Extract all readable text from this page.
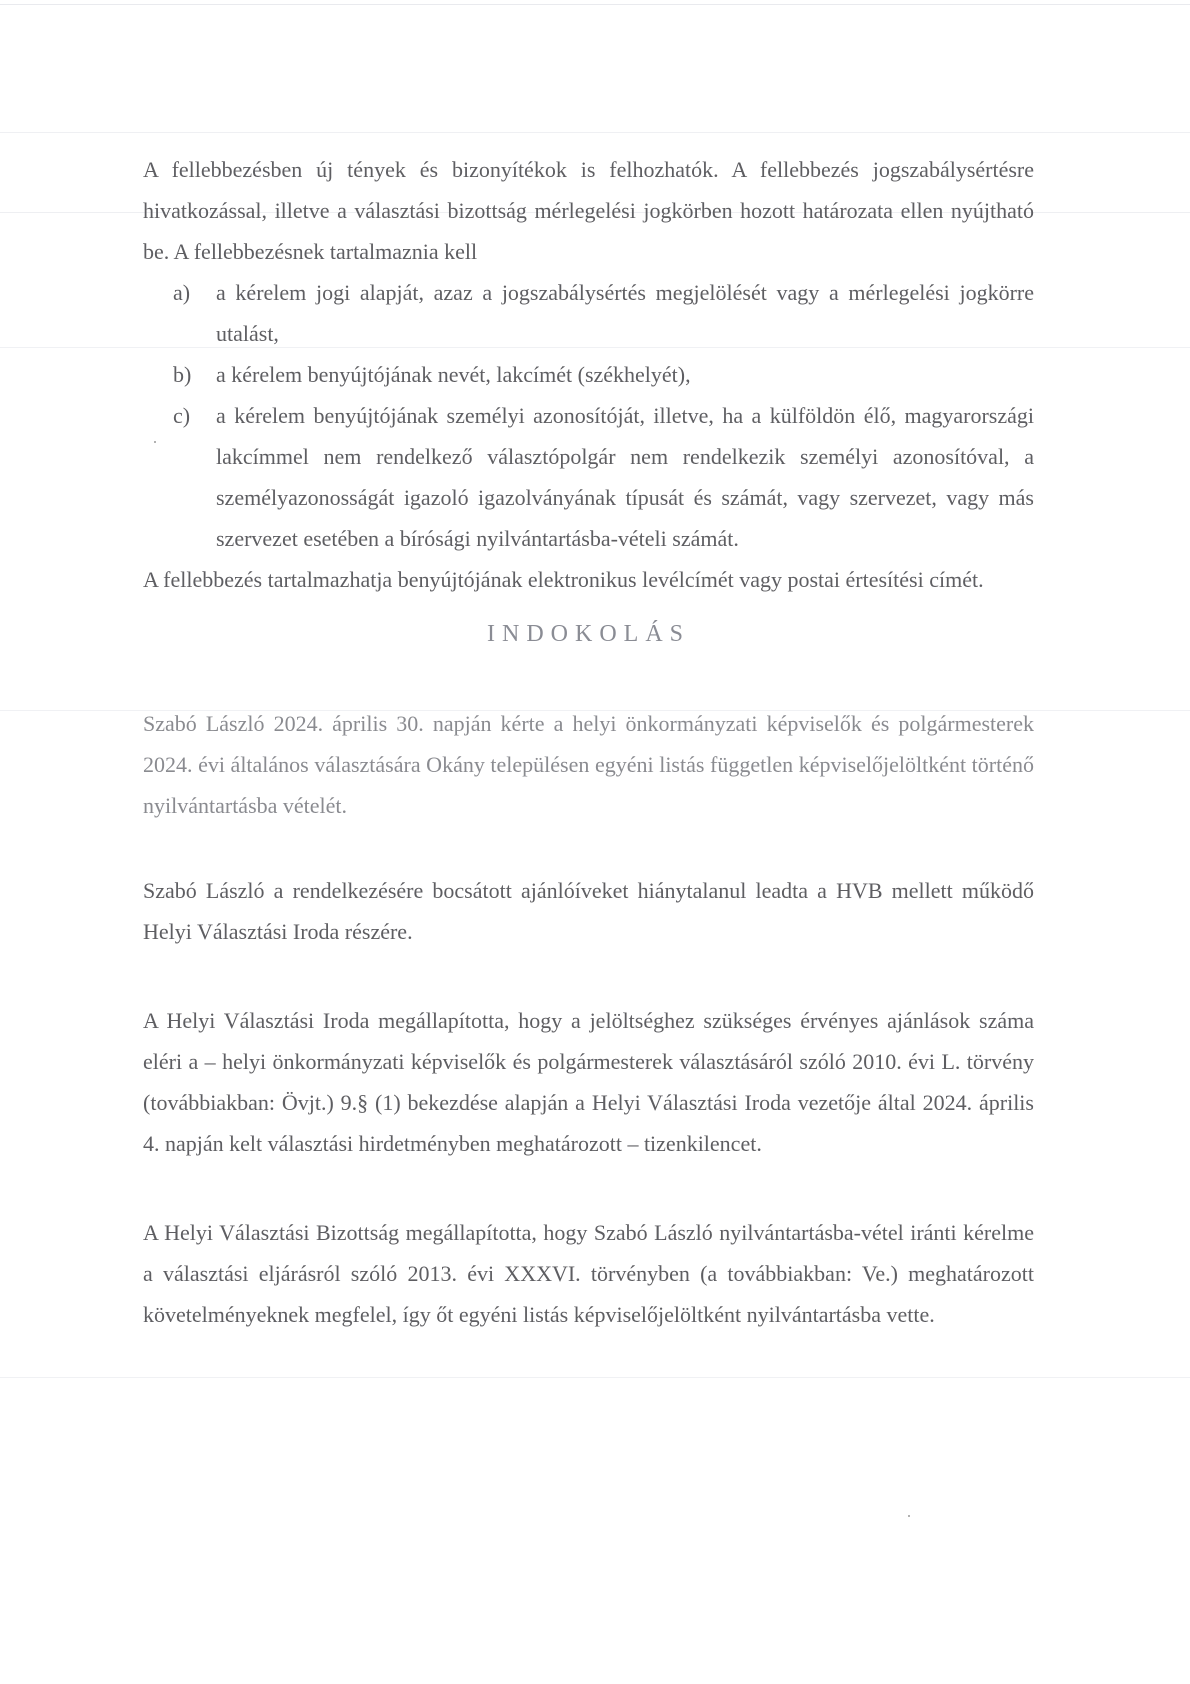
A fellebbezésben új tények és bizonyítékok is felhozhatók. A fellebbezés jogszabálysértésre hivatkozással, illetve a választási bizottság mérlegelési jogkörben hozott határozata ellen nyújtható be. A fellebbezésnek tartalmaznia kell

a) a kérelem jogi alapját, azaz a jogszabálysértés megjelölését vagy a mérlegelési jogkörre utalást,
b) a kérelem benyújtójának nevét, lakcímét (székhelyét),
c) a kérelem benyújtójának személyi azonosítóját, illetve, ha a külföldön élő, magyarországi lakcímmel nem rendelkező választópolgár nem rendelkezik személyi azonosítóval, a személyazonosságát igazoló igazolványának típusát és számát, vagy szervezet, vagy más szervezet esetében a bírósági nyilvántartásba-vételi számát.

A fellebbezés tartalmazhatja benyújtójának elektronikus levélcímét vagy postai értesítési címét.

INDOKOLÁS

Szabó László 2024. április 30. napján kérte a helyi önkormányzati képviselők és polgármesterek 2024. évi általános választására Okány településen egyéni listás független képviselőjelöltként történő nyilvántartásba vételét.

Szabó László a rendelkezésére bocsátott ajánlóíveket hiánytalanul leadta a HVB mellett működő Helyi Választási Iroda részére.

A Helyi Választási Iroda megállapította, hogy a jelöltséghez szükséges érvényes ajánlások száma eléri a – helyi önkormányzati képviselők és polgármesterek választásáról szóló 2010. évi L. törvény (továbbiakban: Övjt.) 9.§ (1) bekezdése alapján a Helyi Választási Iroda vezetője által 2024. április 4. napján kelt választási hirdetményben meghatározott – tizenkilencet.

A Helyi Választási Bizottság megállapította, hogy Szabó László nyilvántartásba-vétel iránti kérelme a választási eljárásról szóló 2013. évi XXXVI. törvényben (a továbbiakban: Ve.) meghatározott követelményeknek megfelel, így őt egyéni listás képviselőjelöltként nyilvántartásba vette.
